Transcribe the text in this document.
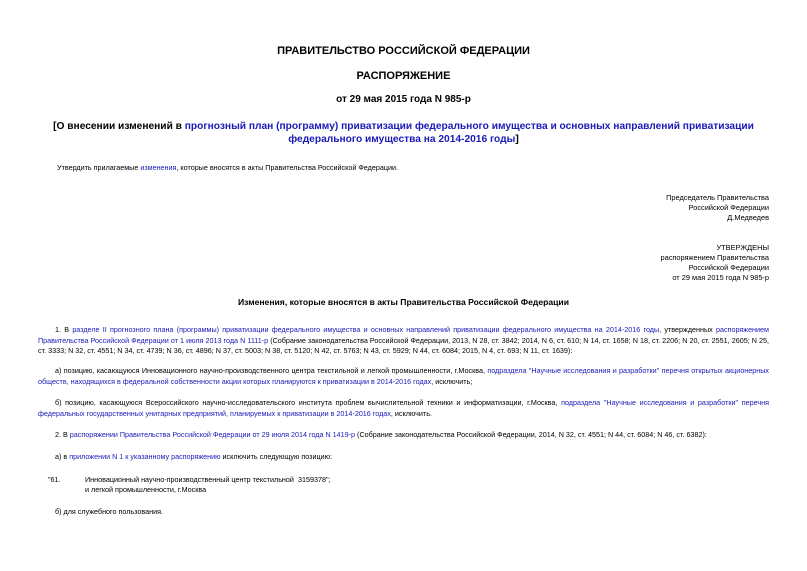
ПРАВИТЕЛЬСТВО РОССИЙСКОЙ ФЕДЕРАЦИИ
РАСПОРЯЖЕНИЕ
от 29 мая 2015 года N 985-р
[О внесении изменений в прогнозный план (программу) приватизации федерального имущества и основных направлений приватизации федерального имущества на 2014-2016 годы]
Утвердить прилагаемые изменения, которые вносятся в акты Правительства Российской Федерации.
Председатель Правительства
Российской Федерации
Д.Медведев
УТВЕРЖДЕНЫ
распоряжением Правительства
Российской Федерации
от 29 мая 2015 года N 985-р
Изменения, которые вносятся в акты Правительства Российской Федерации
1. В разделе II прогнозного плана (программы) приватизации федерального имущества и основных направлений приватизации федерального имущества на 2014-2016 годы, утвержденных распоряжением Правительства Российской Федерации от 1 июля 2013 года N 1111-р (Собрание законодательства Российской Федерации, 2013, N 28, ст. 3842; 2014, N 6, ст. 610; N 14, ст. 1658; N 18, ст. 2206; N 20, ст. 2551, 2605; N 25, ст. 3333; N 32, ст. 4551; N 34, ст. 4739; N 36, ст. 4896; N 37, ст. 5003; N 38, ст. 5120; N 42, ст. 5763; N 43, ст. 5929; N 44, ст. 6084; 2015, N 4, ст. 693; N 11, ст. 1639):
а) позицию, касающуюся Инновационного научно-производственного центра текстильной и легкой промышленности, г.Москва, подраздела "Научные исследования и разработки" перечня открытых акционерных обществ, находящихся в федеральной собственности акции которых планируются к приватизации в 2014-2016 годах, исключить;
б) позицию, касающуюся Всероссийского научно-исследовательского института проблем вычислительной техники и информатизации, г.Москва, подраздела "Научные исследования и разработки" перечня федеральных государственных унитарных предприятий, планируемых к приватизации в 2014-2016 годах, исключить.
2. В распоряжении Правительства Российской Федерации от 29 июля 2014 года N 1419-р (Собрание законодательства Российской Федерации, 2014, N 32, ст. 4551; N 44, ст. 6084; N 46, ст. 6382):
а) в приложении N 1 к указанному распоряжению исключить следующую позицию:
"61.	Инновационный научно-производственный центр текстильной
и легкой промышленности, г.Москва
3159378";
б) для служебного пользования.
